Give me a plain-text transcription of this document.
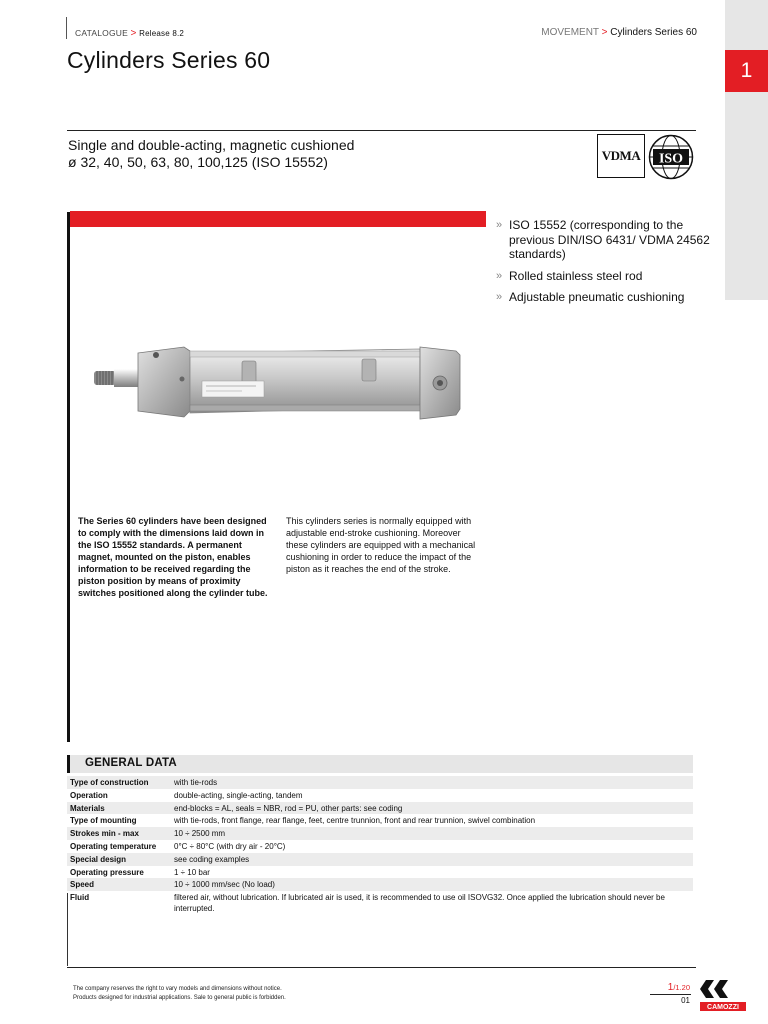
1
CATALOGUE > Release 8.2	MOVEMENT > Cylinders Series 60
Cylinders Series 60
Single and double-acting, magnetic cushioned
ø 32, 40, 50, 63, 80, 100,125 (ISO 15552)	VDMA ISO
» ISO 15552 (corresponding to the previous DIN/ISO 6431/ VDMA 24562 standards)
» Rolled stainless steel rod
» Adjustable pneumatic cushioning
The Series 60 cylinders have been designed to comply with the dimensions laid down in the ISO 15552 standards. A permanent magnet, mounted on the piston, enables information to be received regarding the piston position by means of proximity switches positioned along the cylinder tube.
This cylinders series is normally equipped with adjustable end-stroke cushioning. Moreover these cylinders are equipped with a mechanical cushioning in order to reduce the impact of the piston as it reaches the end of the stroke.
GENERAL DATA
Type of construction	with tie-rods
Operation	double-acting, single-acting, tandem
Materials	end-blocks = AL, seals = NBR, rod = PU, other parts: see coding
Type of mounting	with tie-rods, front flange, rear flange, feet, centre trunnion, front and rear trunnion, swivel combination
Strokes min - max	10 ÷ 2500 mm
Operating temperature	0°C ÷ 80°C (with dry air - 20°C)
Special design	see coding examples
Operating pressure	1 ÷ 10 bar
Speed	10 ÷ 1000 mm/sec (No load)
Fluid	filtered air, without lubrication. If lubricated air is used, it is recommended to use oil ISOVG32. Once applied the lubrication should never be interrupted.
The company reserves the right to vary models and dimensions without notice.
Products designed for industrial applications. Sale to general public is forbidden.
1/1.20
01
CAMOZZI
